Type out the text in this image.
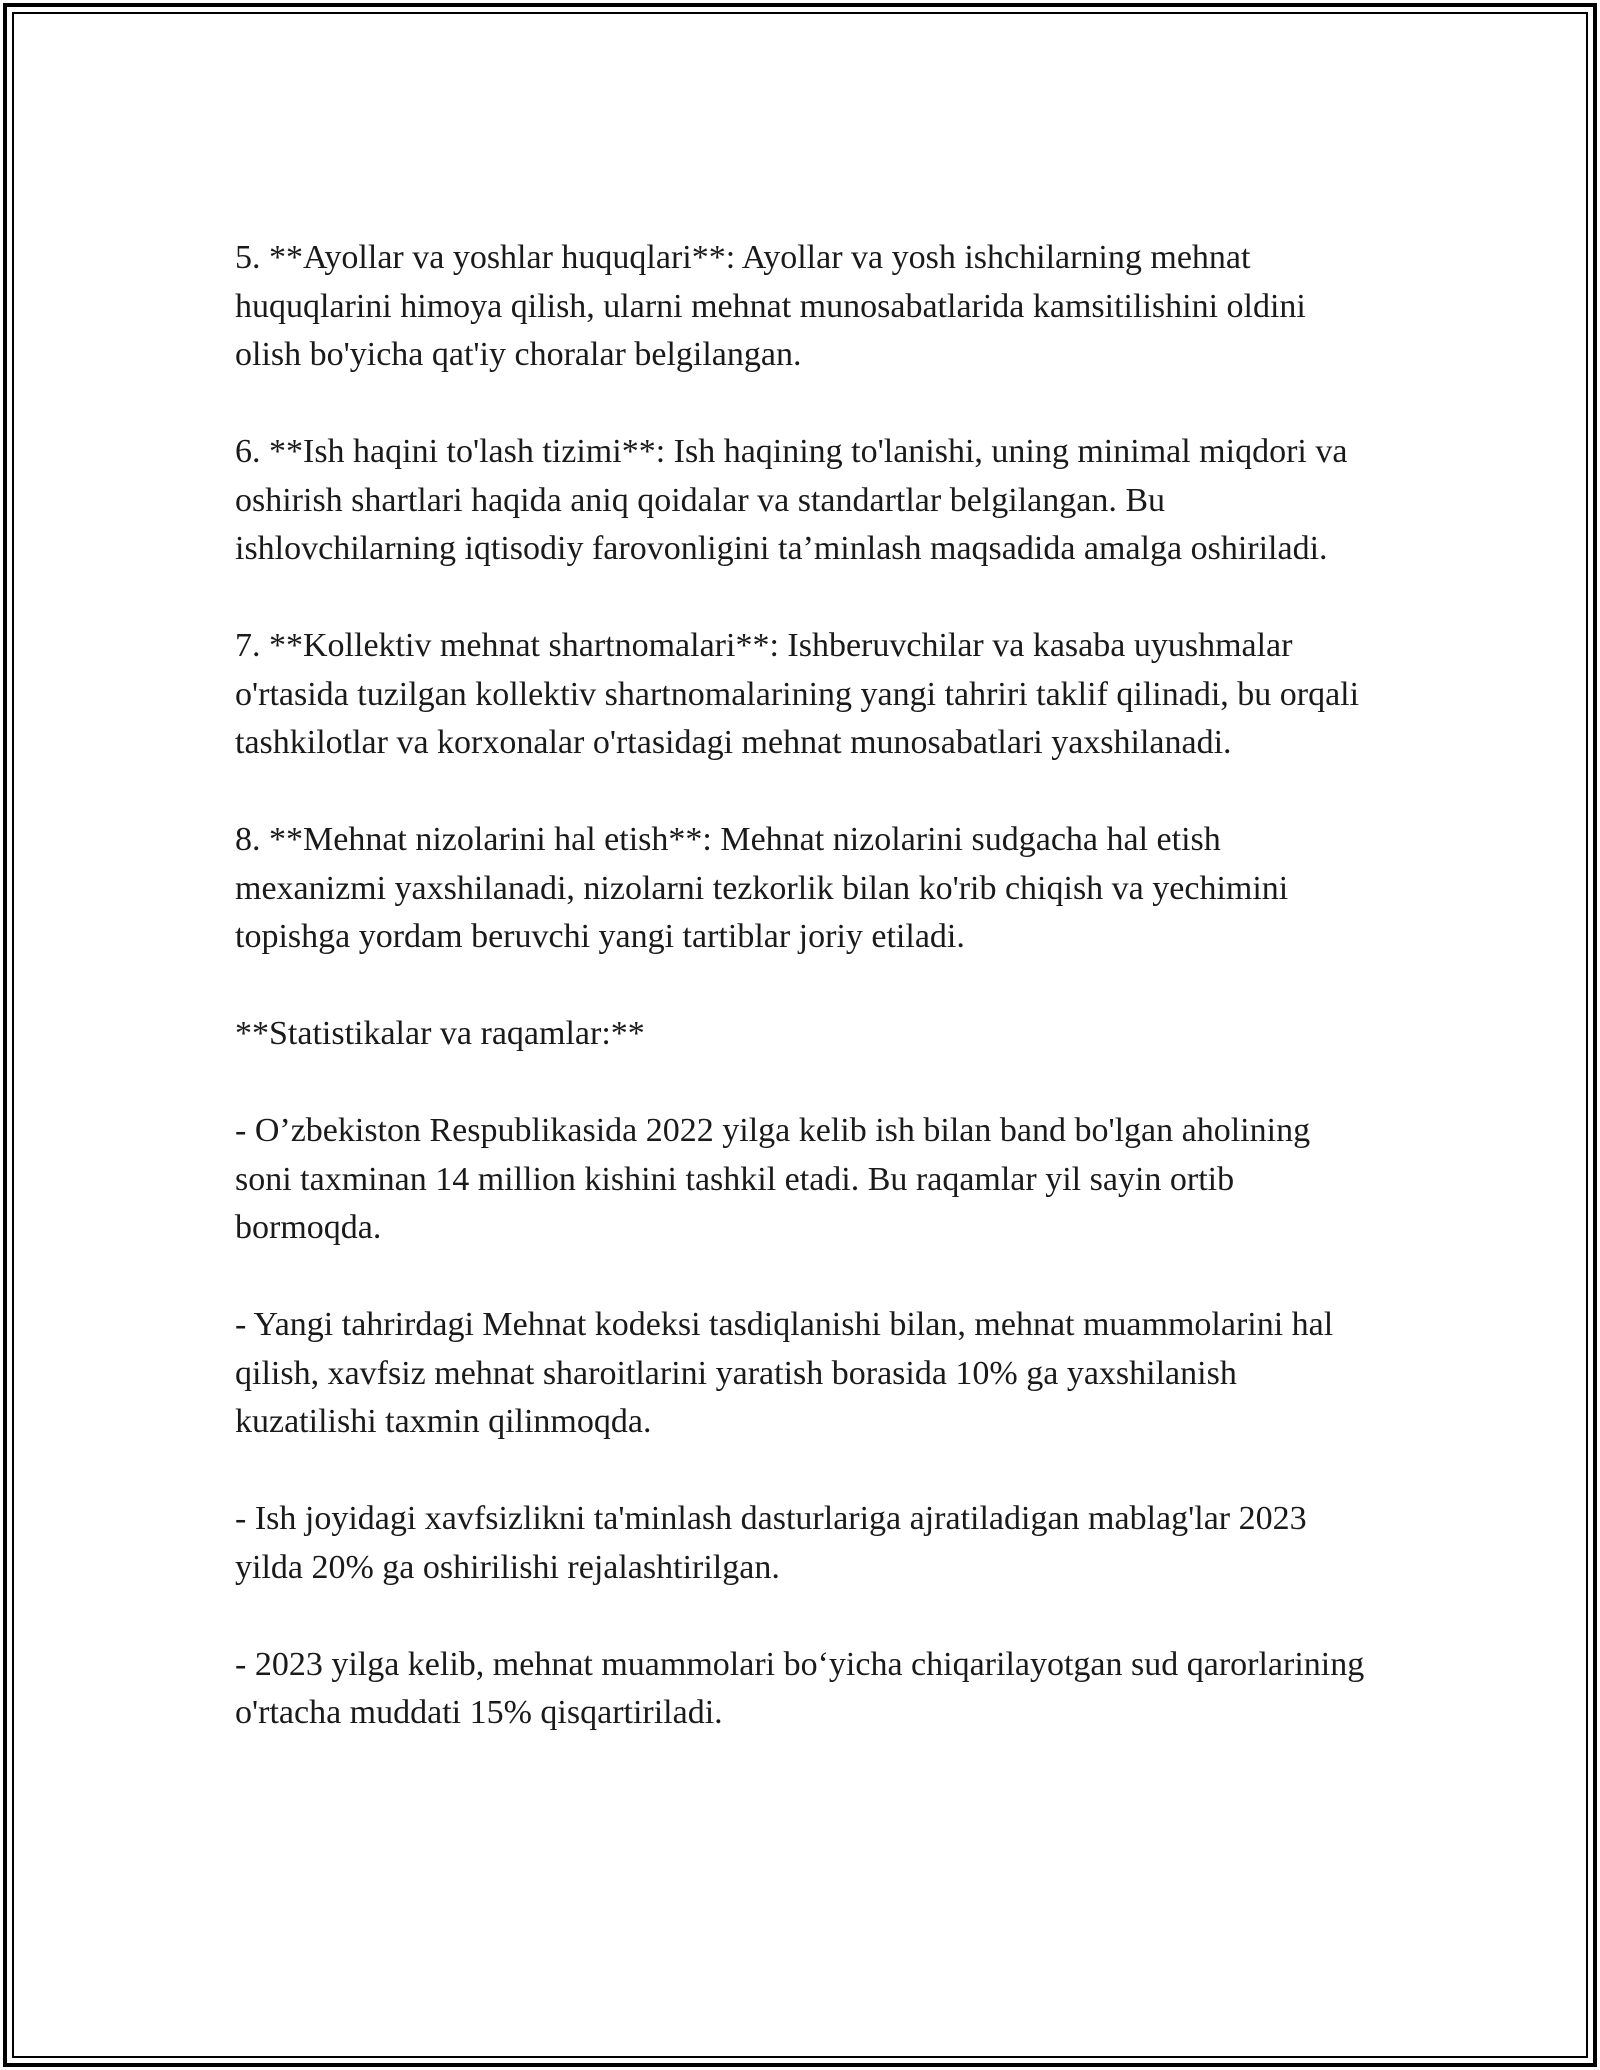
5. **Ayollar va yoshlar huquqlari**: Ayollar va yosh ishchilarning mehnat huquqlarini himoya qilish, ularni mehnat munosabatlarida kamsitilishini oldini olish bo'yicha qat'iy choralar belgilangan.

6. **Ish haqini to'lash tizimi**: Ish haqining to'lanishi, uning minimal miqdori va oshirish shartlari haqida aniq qoidalar va standartlar belgilangan. Bu ishlovchilarning iqtisodiy farovonligini ta’minlash maqsadida amalga oshiriladi.

7. **Kollektiv mehnat shartnomalari**: Ishberuvchilar va kasaba uyushmalar o'rtasida tuzilgan kollektiv shartnomalarining yangi tahriri taklif qilinadi, bu orqali tashkilotlar va korxonalar o'rtasidagi mehnat munosabatlari yaxshilanadi.

8. **Mehnat nizolarini hal etish**: Mehnat nizolarini sudgacha hal etish mexanizmi yaxshilanadi, nizolarni tezkorlik bilan ko'rib chiqish va yechimini topishga yordam beruvchi yangi tartiblar joriy etiladi.

**Statistikalar va raqamlar:**

- O’zbekiston Respublikasida 2022 yilga kelib ish bilan band bo'lgan aholining soni taxminan 14 million kishini tashkil etadi. Bu raqamlar yil sayin ortib bormoqda.

- Yangi tahrirdagi Mehnat kodeksi tasdiqlanishi bilan, mehnat muammolarini hal qilish, xavfsiz mehnat sharoitlarini yaratish borasida 10% ga yaxshilanish kuzatilishi taxmin qilinmoqda.

- Ish joyidagi xavfsizlikni ta'minlash dasturlariga ajratiladigan mablag'lar 2023 yilda 20% ga oshirilishi rejalashtirilgan.

- 2023 yilga kelib, mehnat muammolari bo‘yicha chiqarilayotgan sud qarorlarining o'rtacha muddati 15% qisqartiriladi.
